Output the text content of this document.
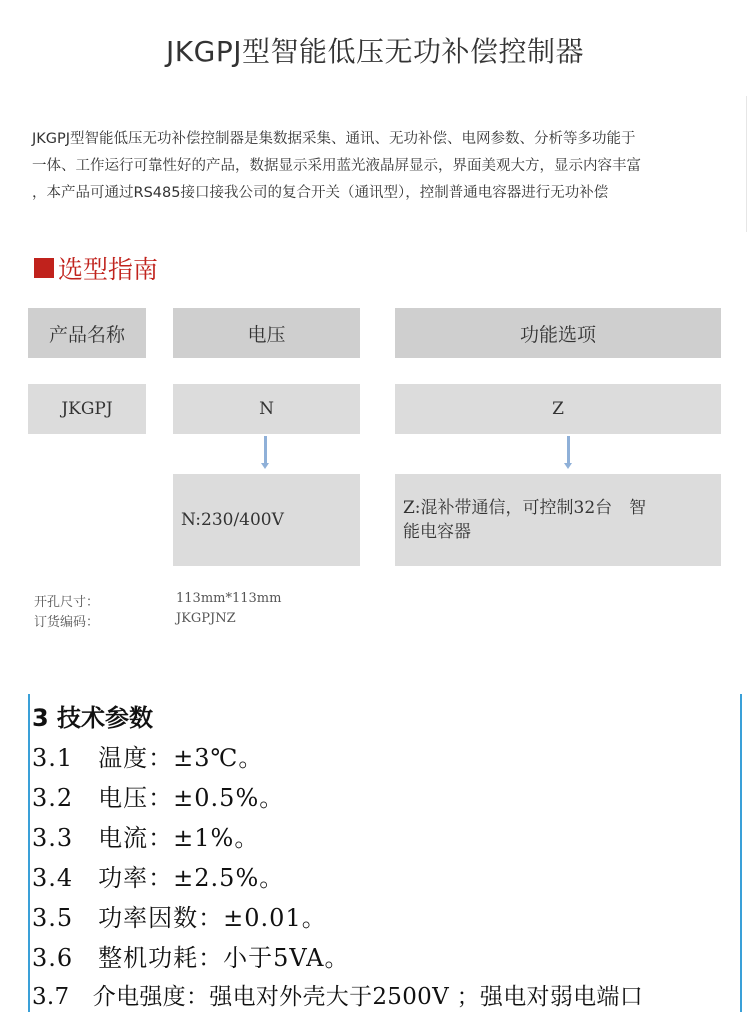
JKGPJ型智能低压无功补偿控制器
JKGPJ型智能低压无功补偿控制器是集数据采集、通讯、无功补偿、电网参数、分析等多功能于
一体、工作运行可靠性好的产品，数据显示采用蓝光液晶屏显示，界面美观大方，显示内容丰富
，本产品可通过RS485接口接我公司的复合开关（通讯型），控制普通电容器进行无功补偿
选型指南
产品名称	电压	功能选项
JKGPJ	N	Z
N:230/400V
Z:混补带通信，可控制32台　智
能电容器
开孔尺寸：	113mm*113mm
订货编码：	JKGPJNZ
3 技术参数
3.1　温度：±3℃。
3.2　电压：±0.5%。
3.3　电流：±1%。
3.4　功率：±2.5%。
3.5　功率因数：±0.01。
3.6　整机功耗：小于5VA。
3.7　介电强度：强电对外壳大于2500V ；强电对弱电端口
